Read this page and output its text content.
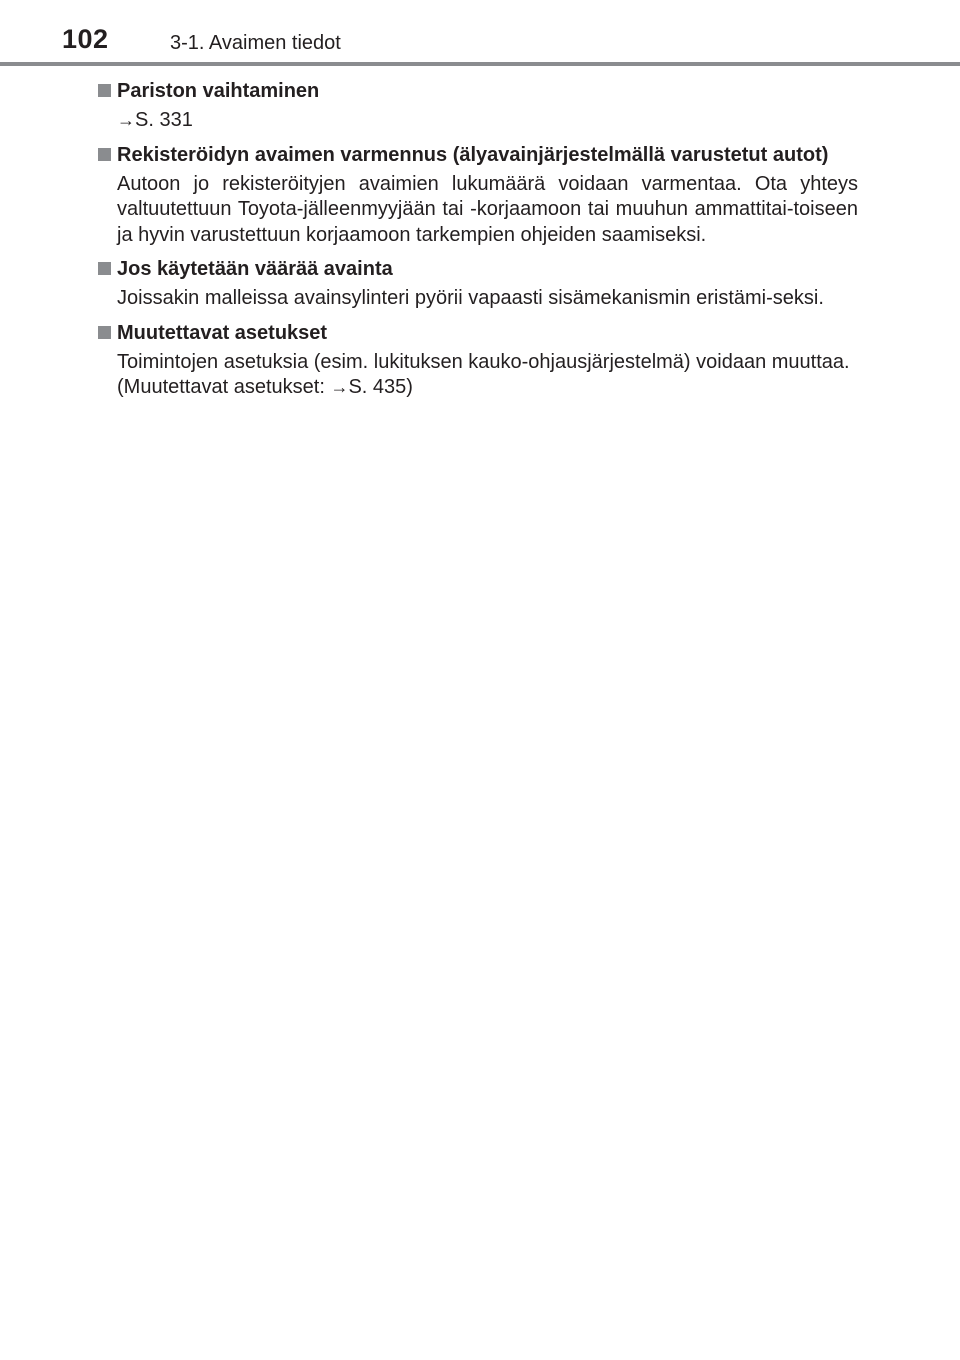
102	3-1. Avaimen tiedot
Pariston vaihtaminen
→S. 331
Rekisteröidyn avaimen varmennus (älyavainjärjestelmällä varustetut autot)
Autoon jo rekisteröityjen avaimien lukumäärä voidaan varmentaa. Ota yhteys valtuutettuun Toyota-jälleenmyyjään tai -korjaamoon tai muuhun ammattitai-toiseen ja hyvin varustettuun korjaamoon tarkempien ohjeiden saamiseksi.
Jos käytetään väärää avainta
Joissakin malleissa avainsylinteri pyörii vapaasti sisämekanismin eristämi-seksi.
Muutettavat asetukset
Toimintojen asetuksia (esim. lukituksen kauko-ohjausjärjestelmä) voidaan muuttaa.
(Muutettavat asetukset: →S. 435)
